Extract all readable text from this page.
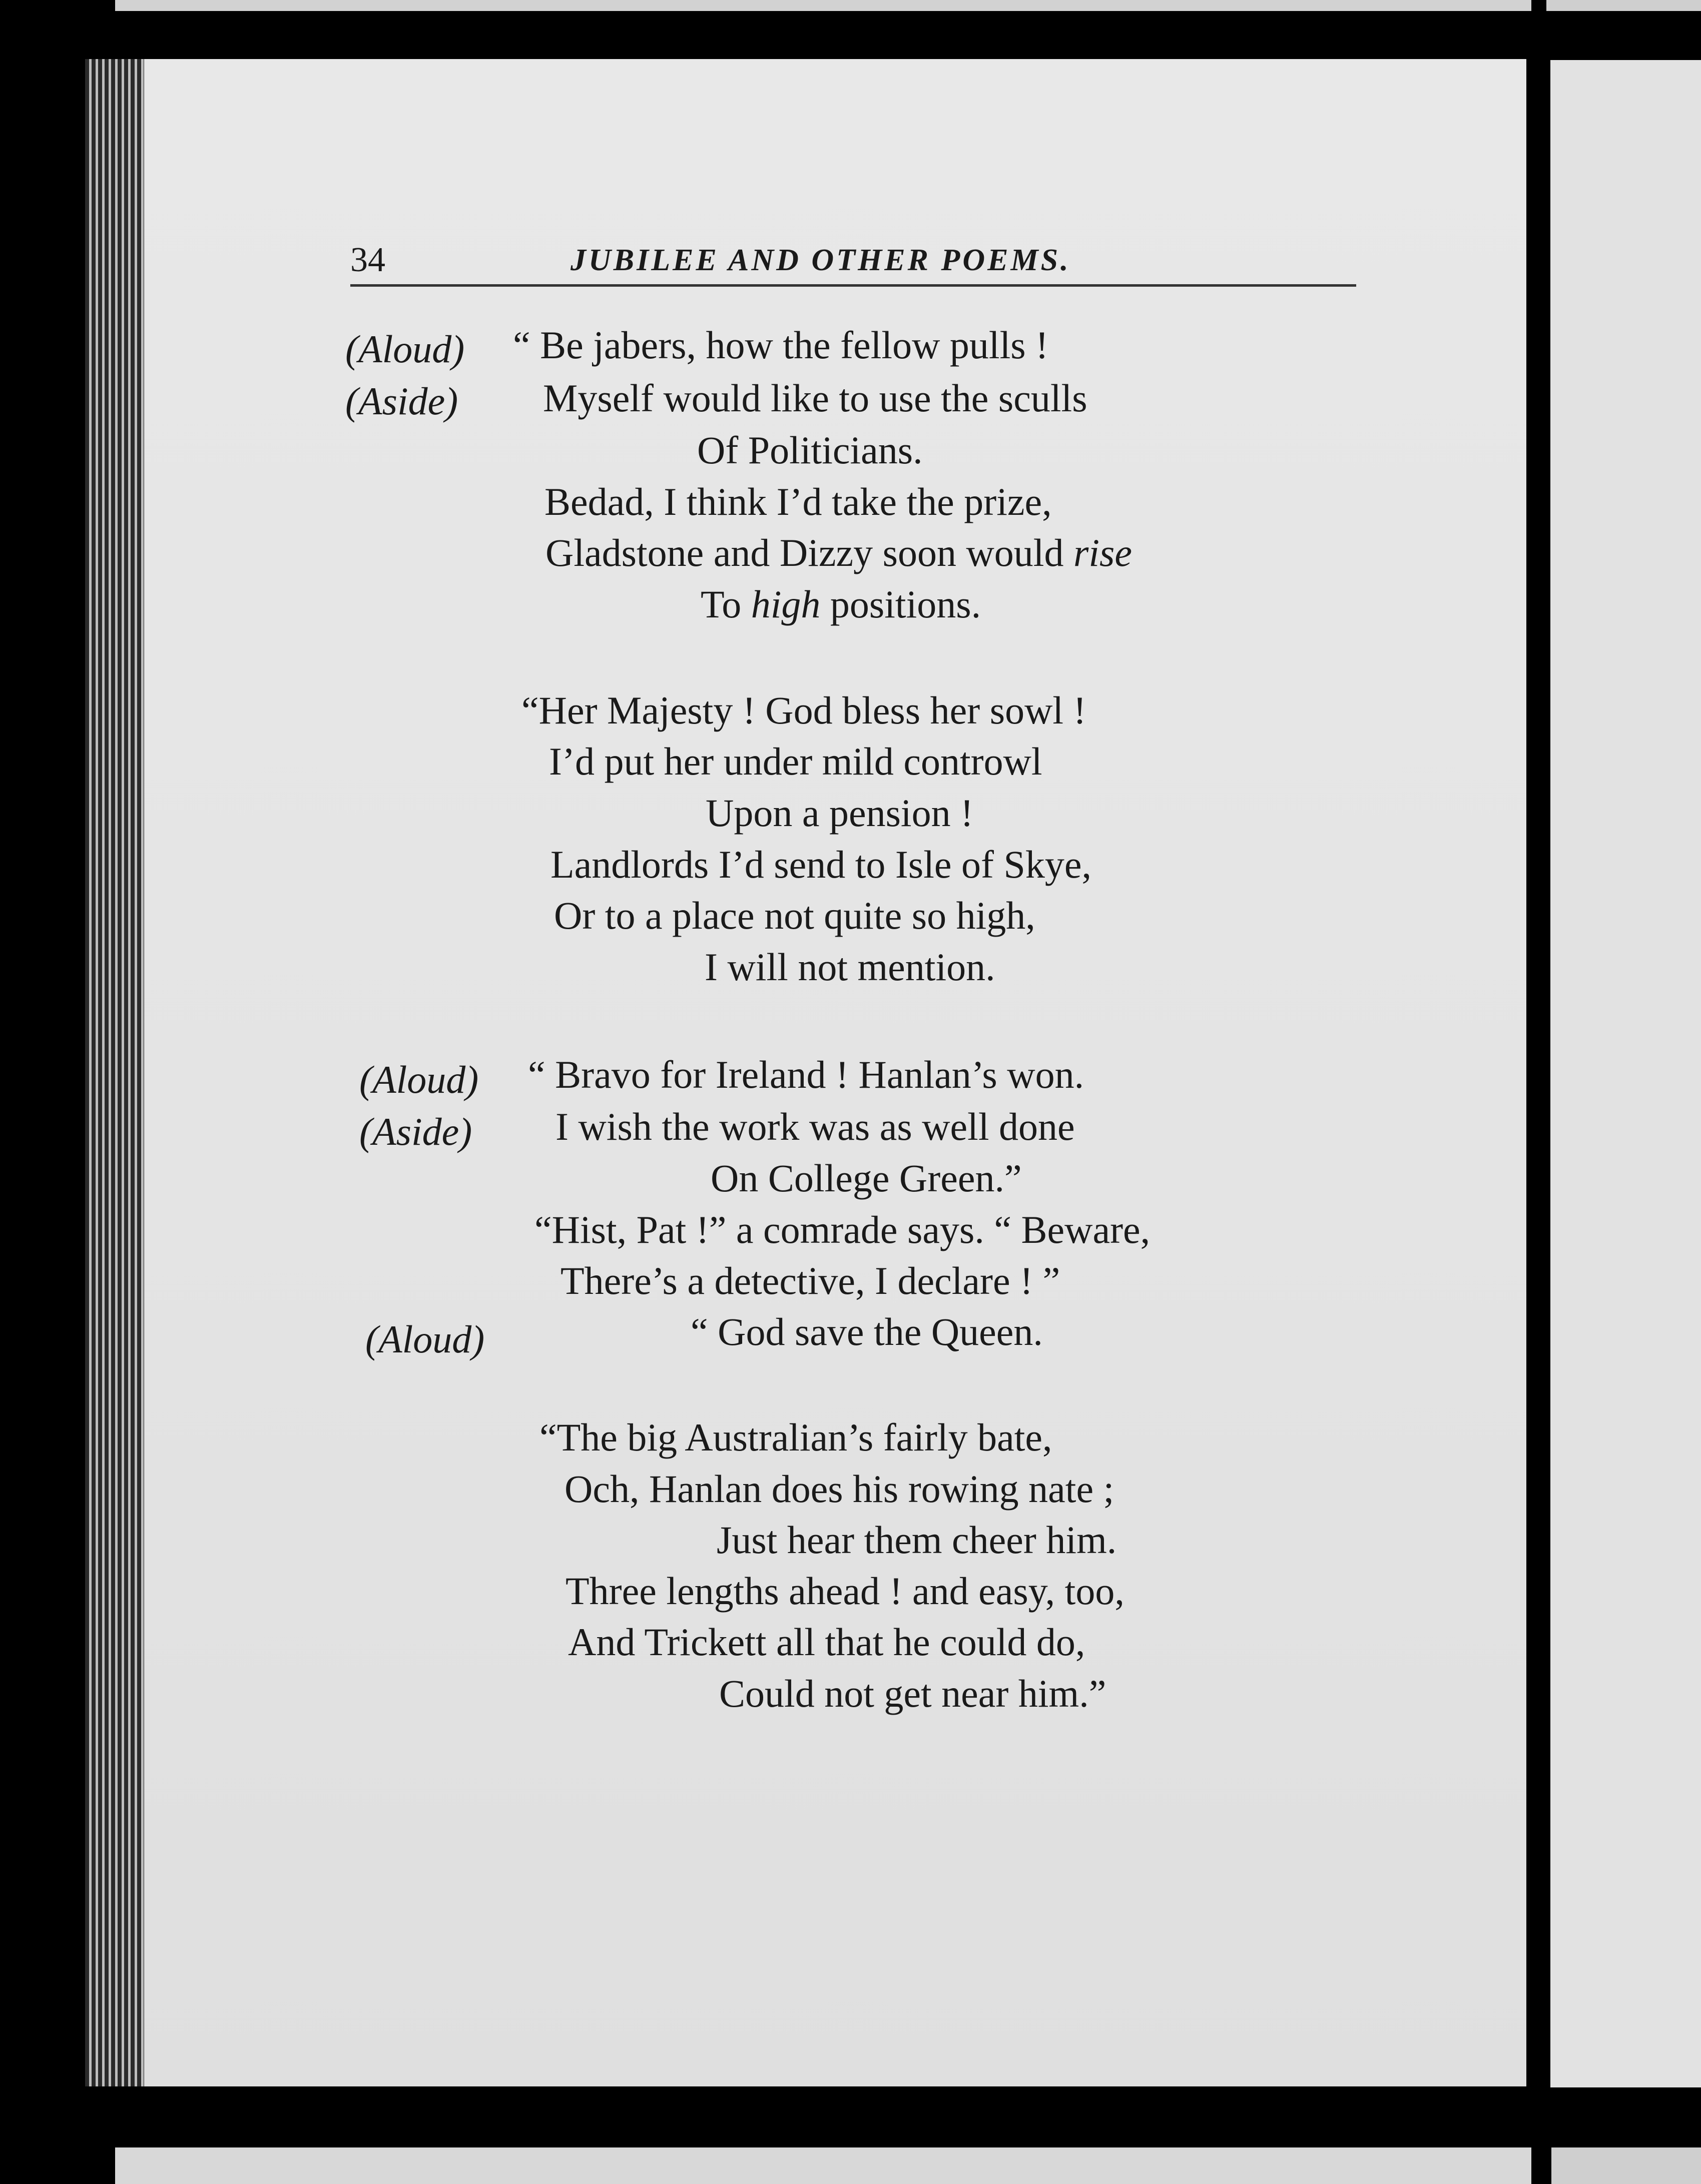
34	JUBILEE AND OTHER POEMS.
(Aloud)
(Aside)
“ Be jabers, how the fellow pulls !
Myself would like to use the sculls
Of Politicians.
Bedad, I think I’d take the prize,
Gladstone and Dizzy soon would rise
To high positions.
“Her Majesty ! God bless her sowl !
I’d put her under mild controwl
Upon a pension !
Landlords I’d send to Isle of Skye,
Or to a place not quite so high,
I will not mention.
(Aloud)
(Aside)
“ Bravo for Ireland ! Hanlan’s won.
I wish the work was as well done
On College Green.”
“Hist, Pat !” a comrade says. “ Beware,
There’s a detective, I declare ! ”
(Aloud)	“ God save the Queen.
“The big Australian’s fairly bate,
Och, Hanlan does his rowing nate ;
Just hear them cheer him.
Three lengths ahead ! and easy, too,
And Trickett all that he could do,
Could not get near him.”
